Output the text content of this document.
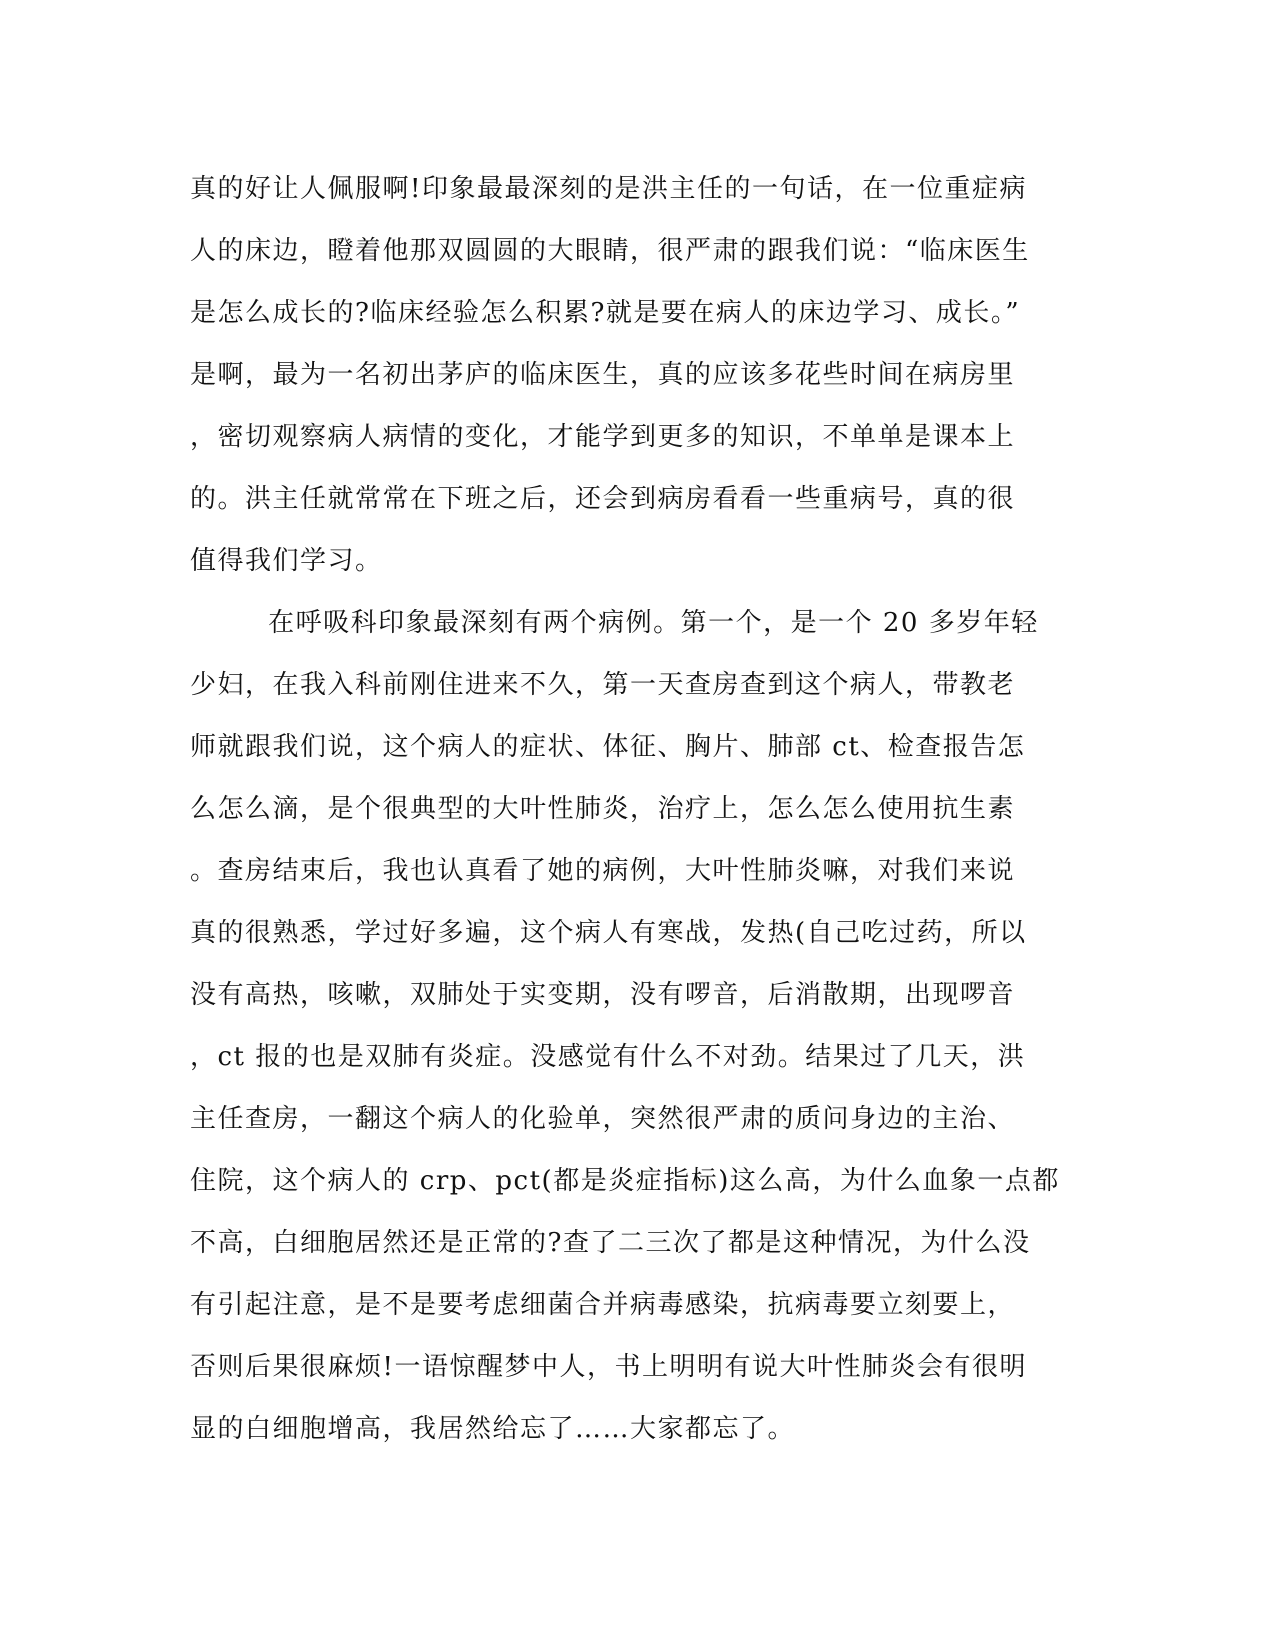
真的好让人佩服啊!印象最最深刻的是洪主任的一句话，在一位重症病
人的床边，瞪着他那双圆圆的大眼睛，很严肃的跟我们说：“临床医生
是怎么成长的?临床经验怎么积累?就是要在病人的床边学习、成长。”
是啊，最为一名初出茅庐的临床医生，真的应该多花些时间在病房里
，密切观察病人病情的变化，才能学到更多的知识，不单单是课本上
的。洪主任就常常在下班之后，还会到病房看看一些重病号，真的很
值得我们学习。
在呼吸科印象最深刻有两个病例。第一个，是一个 20 多岁年轻
少妇，在我入科前刚住进来不久，第一天查房查到这个病人，带教老
师就跟我们说，这个病人的症状、体征、胸片、肺部 ct、检查报告怎
么怎么滴，是个很典型的大叶性肺炎，治疗上，怎么怎么使用抗生素
。查房结束后，我也认真看了她的病例，大叶性肺炎嘛，对我们来说
真的很熟悉，学过好多遍，这个病人有寒战，发热(自己吃过药，所以
没有高热，咳嗽，双肺处于实变期，没有啰音，后消散期，出现啰音
，ct 报的也是双肺有炎症。没感觉有什么不对劲。结果过了几天，洪
主任查房，一翻这个病人的化验单，突然很严肃的质问身边的主治、
住院，这个病人的 crp、pct(都是炎症指标)这么高，为什么血象一点都
不高，白细胞居然还是正常的?查了二三次了都是这种情况，为什么没
有引起注意，是不是要考虑细菌合并病毒感染，抗病毒要立刻要上，
否则后果很麻烦!一语惊醒梦中人，书上明明有说大叶性肺炎会有很明
显的白细胞增高，我居然给忘了……大家都忘了。
